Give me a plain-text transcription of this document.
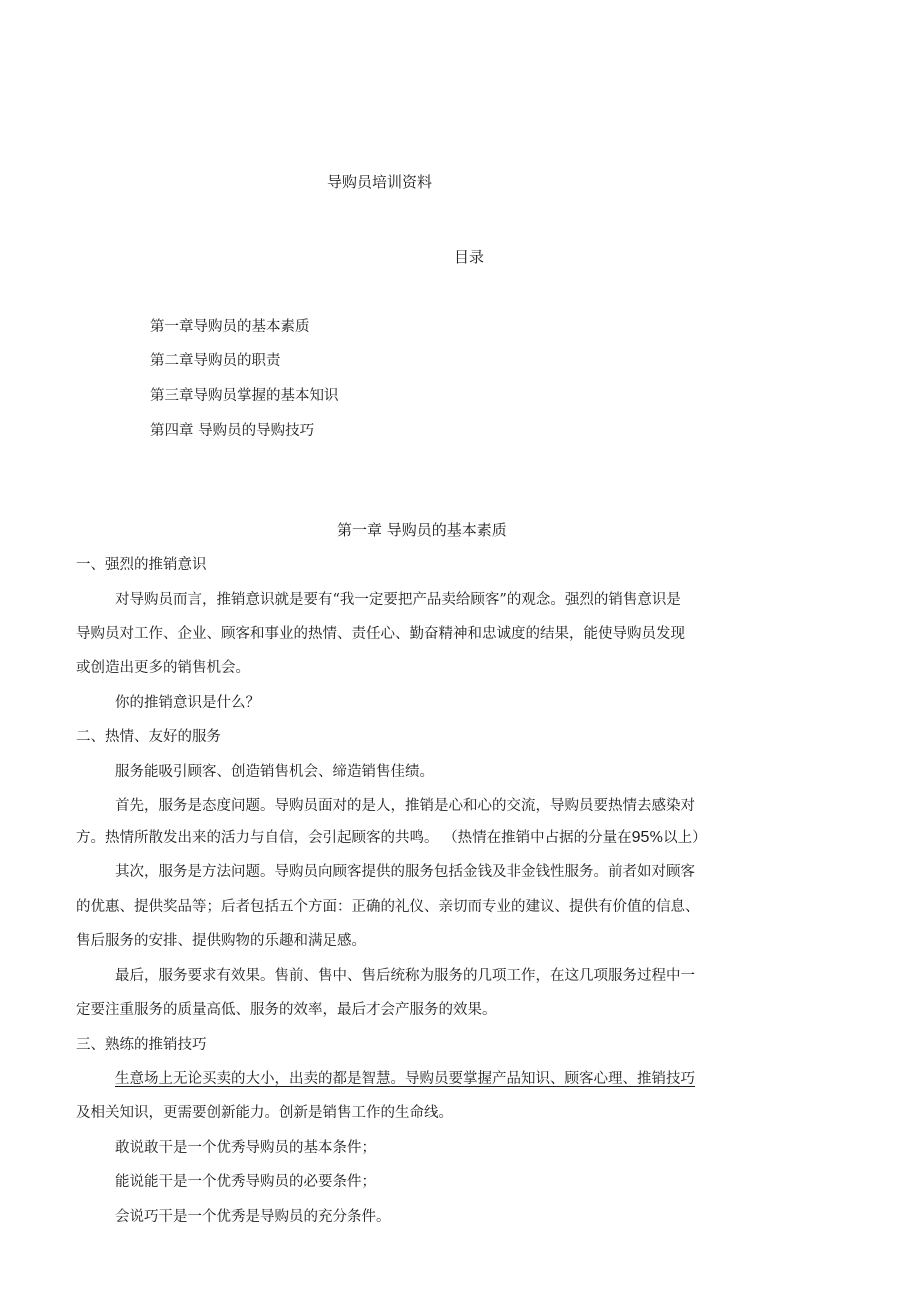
导购员培训资料
目录
第一章导购员的基本素质
第二章导购员的职责
第三章导购员掌握的基本知识
第四章 导购员的导购技巧
第一章 导购员的基本素质
一、强烈的推销意识
对导购员而言，推销意识就是要有“我一定要把产品卖给顾客”的观念。强烈的销售意识是
导购员对工作、企业、顾客和事业的热情、责任心、勤奋精神和忠诚度的结果，能使导购员发现
或创造出更多的销售机会。
你的推销意识是什么？
二、热情、友好的服务
服务能吸引顾客、创造销售机会、缔造销售佳绩。
首先，服务是态度问题。导购员面对的是人，推销是心和心的交流，导购员要热情去感染对
方。热情所散发出来的活力与自信，会引起顾客的共鸣。 （热情在推销中占据的分量在95%以上）
其次，服务是方法问题。导购员向顾客提供的服务包括金钱及非金钱性服务。前者如对顾客
的优惠、提供奖品等；后者包括五个方面：正确的礼仪、亲切而专业的建议、提供有价值的信息、
售后服务的安排、提供购物的乐趣和满足感。
最后，服务要求有效果。售前、售中、售后统称为服务的几项工作，在这几项服务过程中一
定要注重服务的质量高低、服务的效率，最后才会产服务的效果。
三、熟练的推销技巧
生意场上无论买卖的大小，出卖的都是智慧。导购员要掌握产品知识、顾客心理、推销技巧
及相关知识，更需要创新能力。创新是销售工作的生命线。
敢说敢干是一个优秀导购员的基本条件；
能说能干是一个优秀导购员的必要条件；
会说巧干是一个优秀是导购员的充分条件。
